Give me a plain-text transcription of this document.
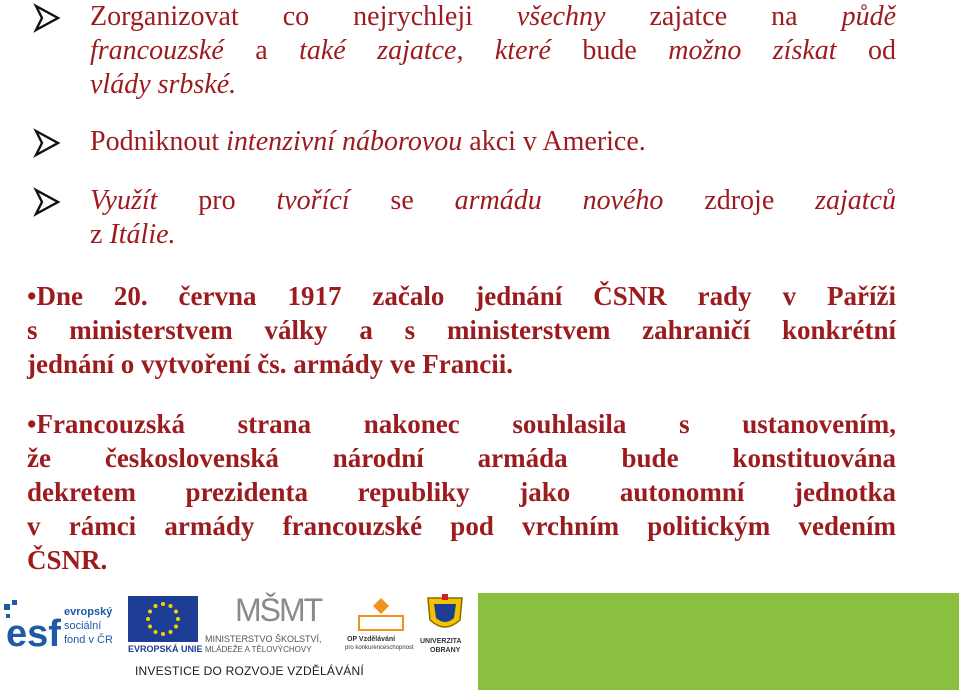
Zorganizovat co nejrychleji všechny zajatce na půdě
francouzské a také zajatce, které bude možno získat od
vlády srbské.
Podniknout intenzivní náborovou akci v Americe.
Využít pro tvořící se armádu nového zdroje zajatců
z Itálie.
•Dne 20. června 1917 začalo jednání ČSNR rady v Paříži
s ministerstvem války a s ministerstvem zahraničí konkrétní
jednání o vytvoření čs. armády ve Francii.
•Francouzská strana nakonec souhlasila s ustanovením,
že československá národní armáda bude konstituována
dekretem prezidenta republiky jako autonomní jednotka
v rámci armády francouzské pod vrchním politickým vedením
ČSNR.
esf
evropský
sociální
fond v ČR
EVROPSKÁ UNIE
MŠMT
MINISTERSTVO ŠKOLSTVÍ,
MLÁDEŽE A TĚLOVÝCHOVY
OP Vzdělávání
pro konkurenceschopnost
UNIVERZITA
OBRANY
INVESTICE DO ROZVOJE VZDĚLÁVÁNÍ
